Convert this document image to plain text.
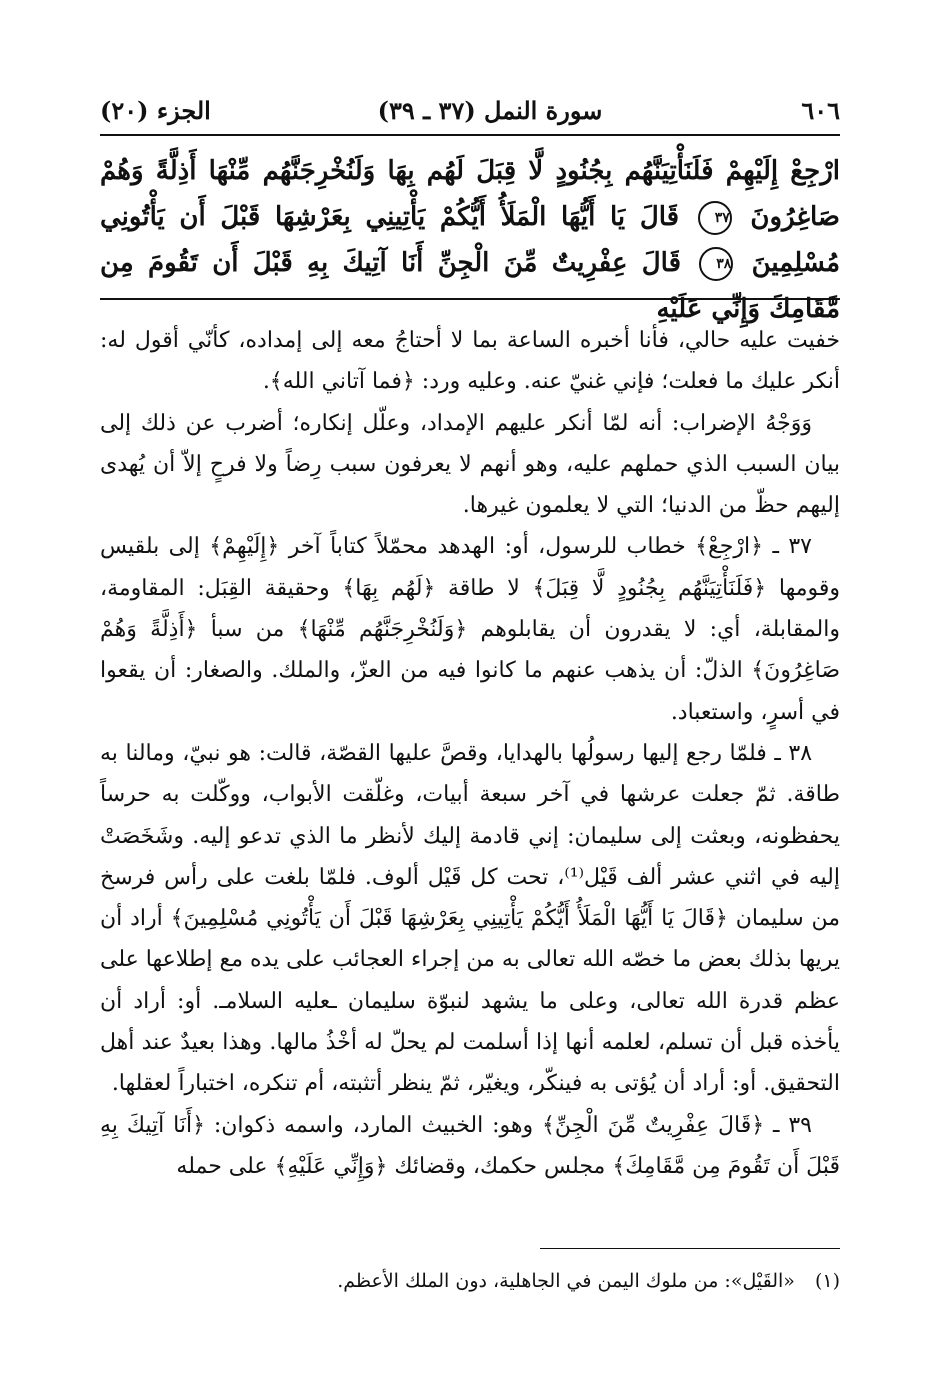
٦٠٦
سورة النمل (٣٧ ـ ٣٩)
الجزء (٢٠)
ارْجِعْ إِلَيْهِمْ فَلَنَأْتِيَنَّهُم بِجُنُودٍ لَّا قِبَلَ لَهُم بِهَا وَلَنُخْرِجَنَّهُم مِّنْهَا أَذِلَّةً وَهُمْ صَاغِرُونَ ٣٧ قَالَ يَا أَيُّهَا الْمَلَأُ أَيُّكُمْ يَأْتِينِي بِعَرْشِهَا قَبْلَ أَن يَأْتُونِي مُسْلِمِينَ ٣٨ قَالَ عِفْرِيتٌ مِّنَ الْجِنِّ أَنَا آتِيكَ بِهِ قَبْلَ أَن تَقُومَ مِن مَّقَامِكَ وَإِنِّي عَلَيْهِ

خفيت عليه حالي، فأنا أخبره الساعة بما لا أحتاجُ معه إلى إمداده، كأنّي أقول له: أنكر عليك ما فعلت؛ فإني غنيّ عنه. وعليه ورد: ﴿فما آتاني الله﴾.

وَوَجْهُ الإضراب: أنه لمّا أنكر عليهم الإمداد، وعلّل إنكاره؛ أضرب عن ذلك إلى بيان السبب الذي حملهم عليه، وهو أنهم لا يعرفون سبب رِضاً ولا فرحٍ إلاّ أن يُهدى إليهم حظّ من الدنيا؛ التي لا يعلمون غيرها.

٣٧ ـ ﴿ارْجِعْ﴾ خطاب للرسول، أو: الهدهد محمّلاً كتاباً آخر ﴿إِلَيْهِمْ﴾ إلى بلقيس وقومها ﴿فَلَنَأْتِيَنَّهُم بِجُنُودٍ لَّا قِبَلَ﴾ لا طاقة ﴿لَهُم بِهَا﴾ وحقيقة القِبَل: المقاومة، والمقابلة، أي: لا يقدرون أن يقابلوهم ﴿وَلَنُخْرِجَنَّهُم مِّنْهَا﴾ من سبأ ﴿أَذِلَّةً وَهُمْ صَاغِرُونَ﴾ الذلّ: أن يذهب عنهم ما كانوا فيه من العزّ، والملك. والصغار: أن يقعوا في أسرٍ، واستعباد.

٣٨ ـ فلمّا رجع إليها رسولُها بالهدايا، وقصَّ عليها القصّة، قالت: هو نبيّ، ومالنا به طاقة. ثمّ جعلت عرشها في آخر سبعة أبيات، وغلّقت الأبواب، ووكّلت به حرساً يحفظونه، وبعثت إلى سليمان: إني قادمة إليك لأنظر ما الذي تدعو إليه. وشَخَصَتْ إليه في اثني عشر ألف قَيْل⁽¹⁾، تحت كل قَيْل ألوف. فلمّا بلغت على رأس فرسخ من سليمان ﴿قَالَ يَا أَيُّهَا الْمَلَأُ أَيُّكُمْ يَأْتِينِي بِعَرْشِهَا قَبْلَ أَن يَأْتُونِي مُسْلِمِينَ﴾ أراد أن يريها بذلك بعض ما خصّه الله تعالى به من إجراء العجائب على يده مع إطلاعها على عظم قدرة الله تعالى، وعلى ما يشهد لنبوّة سليمان ـعليه السلامـ. أو: أراد أن يأخذه قبل أن تسلم، لعلمه أنها إذا أسلمت لم يحلّ له أخْذُ مالها. وهذا بعيدٌ عند أهل التحقيق. أو: أراد أن يُؤتى به فينكّر، ويغيّر، ثمّ ينظر أتثبته، أم تنكره، اختباراً لعقلها.

٣٩ ـ ﴿قَالَ عِفْرِيتٌ مِّنَ الْجِنِّ﴾ وهو: الخبيث المارد، واسمه ذكوان: ﴿أَنَا آتِيكَ بِهِ قَبْلَ أَن تَقُومَ مِن مَّقَامِكَ﴾ مجلس حكمك، وقضائك ﴿وَإِنِّي عَلَيْهِ﴾ على حمله

(١) «القَيْل»: من ملوك اليمن في الجاهلية، دون الملك الأعظم.
